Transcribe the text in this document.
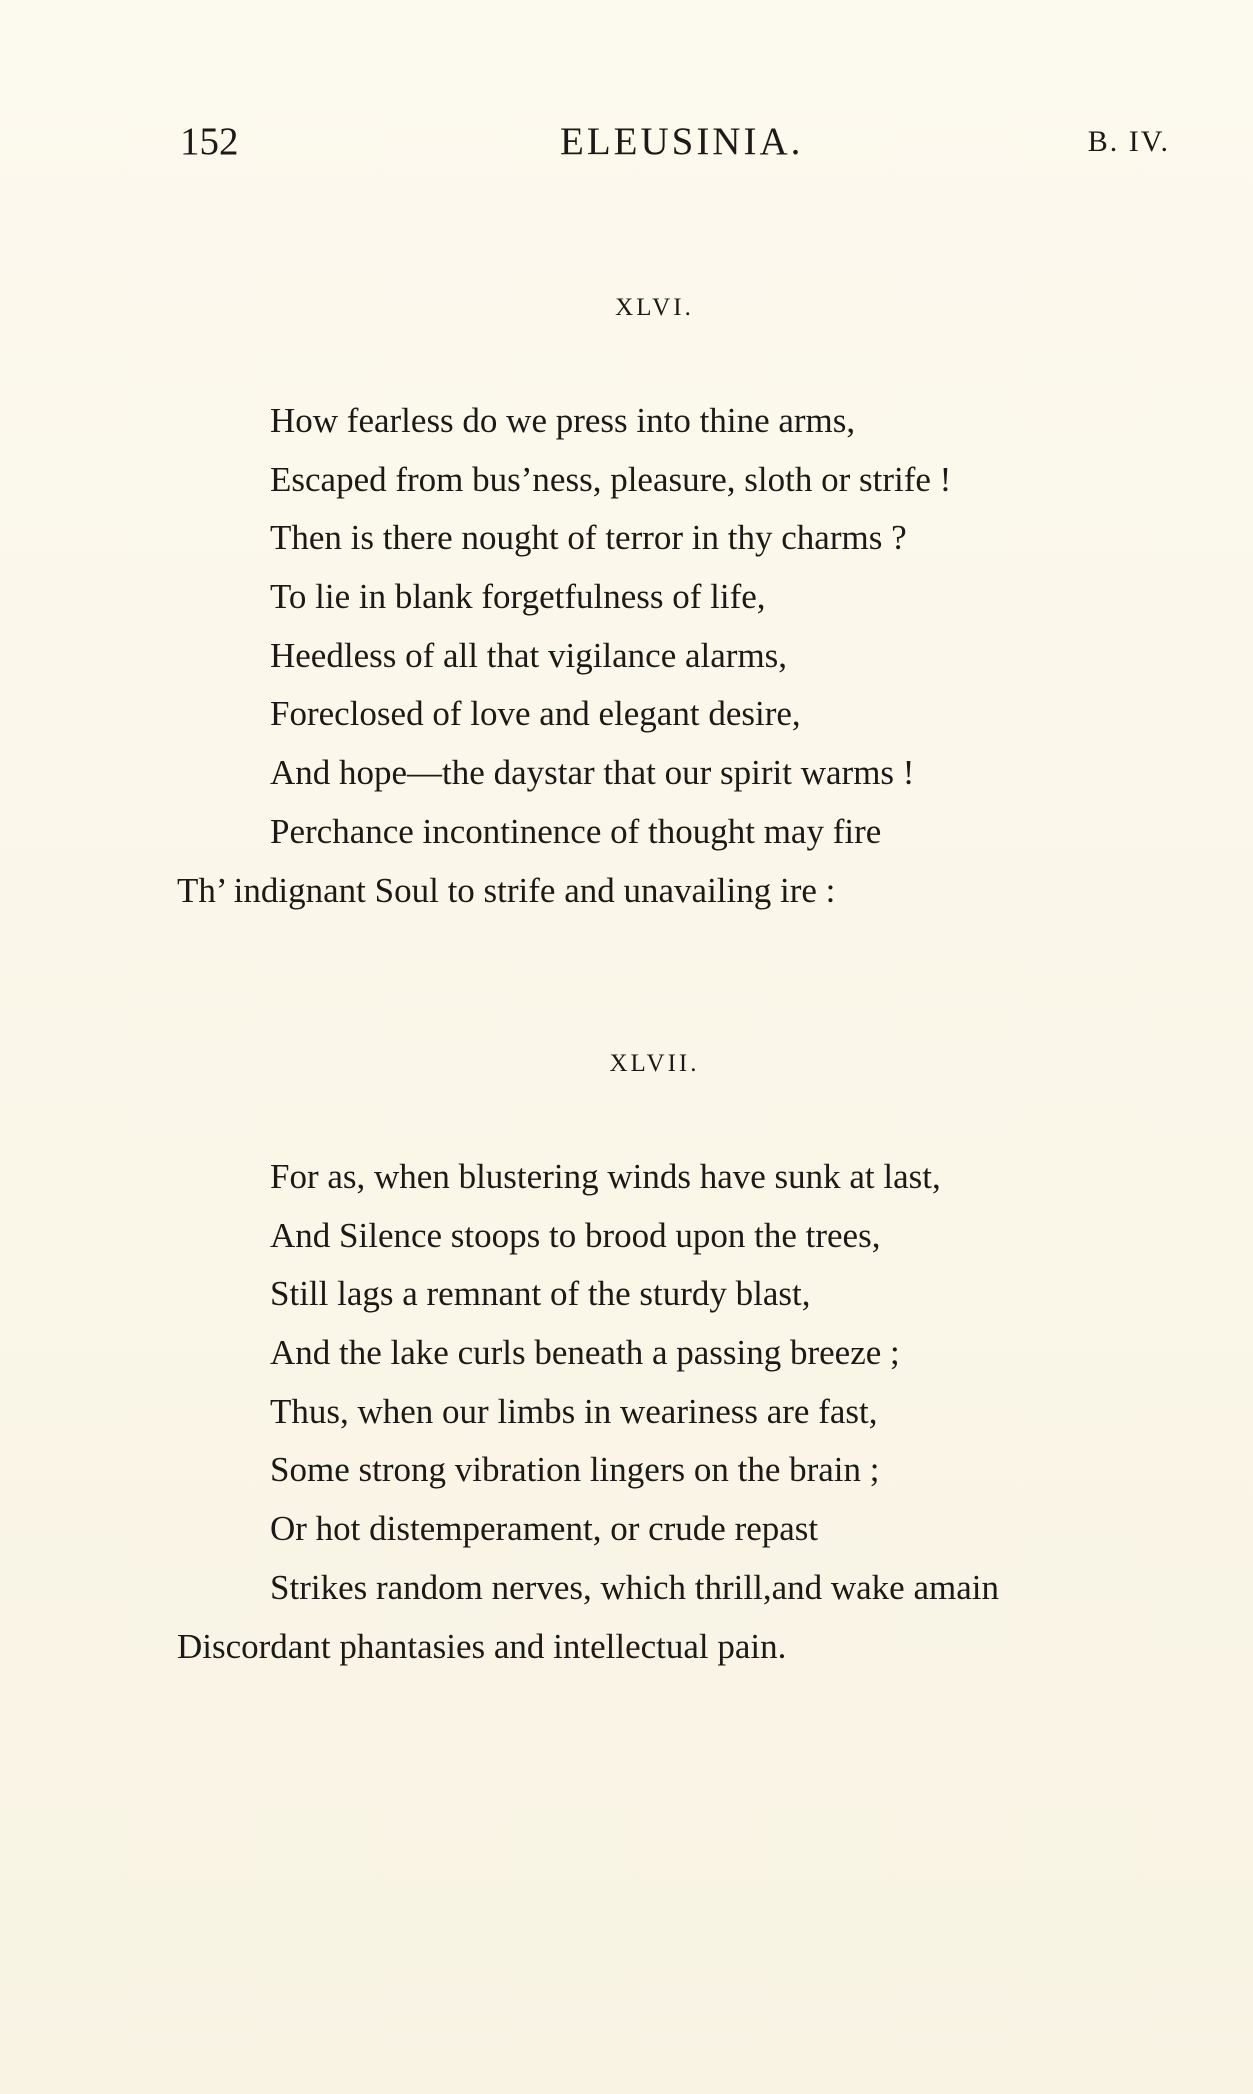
152	ELEUSINIA.	B. IV.
XLVI.
How fearless do we press into thine arms,
Escaped from bus’ness, pleasure, sloth or strife !
Then is there nought of terror in thy charms ?
To lie in blank forgetfulness of life,
Heedless of all that vigilance alarms,
Foreclosed of love and elegant desire,
And hope—the daystar that our spirit warms !
Perchance incontinence of thought may fire
Th’ indignant Soul to strife and unavailing ire :
XLVII.
For as, when blustering winds have sunk at last,
And Silence stoops to brood upon the trees,
Still lags a remnant of the sturdy blast,
And the lake curls beneath a passing breeze ;
Thus, when our limbs in weariness are fast,
Some strong vibration lingers on the brain ;
Or hot distemperament, or crude repast
Strikes random nerves, which thrill,and wake amain
Discordant phantasies and intellectual pain.
